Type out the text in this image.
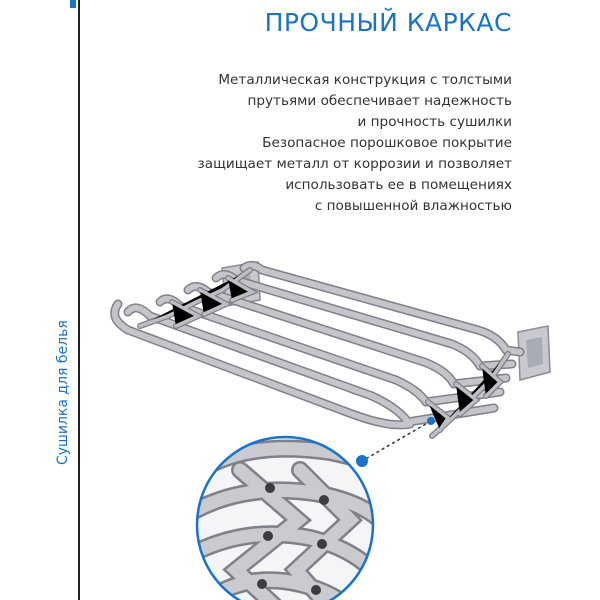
Сушилка для белья
ПРОЧНЫЙ КАРКАС
Металлическая конструкция с толстыми
прутьями обеспечивает надежность
и прочность сушилки
Безопасное порошковое покрытие
защищает металл от коррозии и позволяет
использовать ее в помещениях
с повышенной влажностью
